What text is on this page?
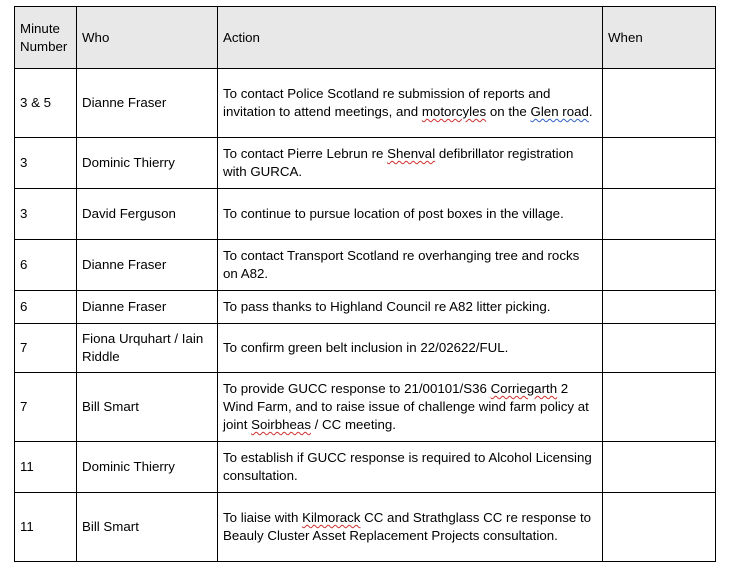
Minute Number	Who	Action	When
3 & 5	Dianne Fraser	To contact Police Scotland re submission of reports and invitation to attend meetings, and motorcyles on the Glen road.	
3	Dominic Thierry	To contact Pierre Lebrun re Shenval defibrillator registration with GURCA.	
3	David Ferguson	To continue to pursue location of post boxes in the village.	
6	Dianne Fraser	To contact Transport Scotland re overhanging tree and rocks on A82.	
6	Dianne Fraser	To pass thanks to Highland Council re A82 litter picking.	
7	Fiona Urquhart / Iain Riddle	To confirm green belt inclusion in 22/02622/FUL.	
7	Bill Smart	To provide GUCC response to 21/00101/S36 Corriegarth 2 Wind Farm, and to raise issue of challenge wind farm policy at joint Soirbheas / CC meeting.	
11	Dominic Thierry	To establish if GUCC response is required to Alcohol Licensing consultation.	
11	Bill Smart	To liaise with Kilmorack CC and Strathglass CC re response to Beauly Cluster Asset Replacement Projects consultation.	
